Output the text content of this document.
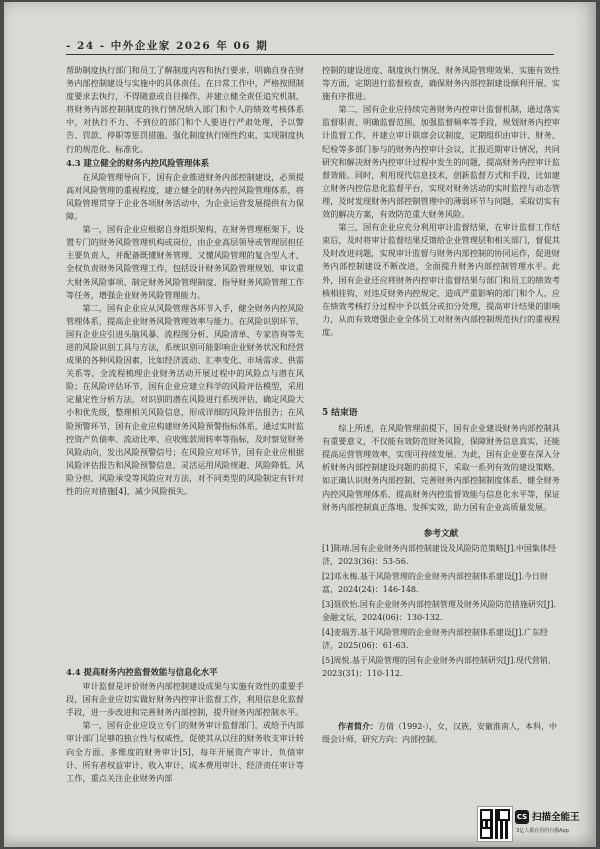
- 24 - 中外企业家 2026 年 06 期

帮助制度执行部门和员工了解制度内容和执行要求，明确自身在财务内部控制建设与实施中的具体责任。在日常工作中，严格按照制度要求去执行，不得随意或自目操作，并建立健全责任追究机制，将财务内部控制制度的执行情况纳入部门和个人的绩效考核体系中，对执行不力、不到位的部门和个人要进行严肃处理，予以警告、罚款、停职等惩罚措施，强化制度执行刚性约束，实现制度执行的规范化、标准化。

4.3 建立健全的财务内控风险管理体系

在风险管理导向下，国有企业推进财务内部控制建设，必须提高对风险管理的重视程度，建立健全的财务内控风险管理体系，将风险管理贯穿于企业各项财务活动中，为企业运营发展提供有力保障。

第一，国有企业应根据自身组织架构，在财务管理框架下，设置专门的财务风险管理机构或岗位，由企业高层领导或管理层担任主要负责人，并配备既懂财务管理、又懂风险管理的复合型人才，全权负责财务风险管理工作，包括设计财务风险管理规划、审议重大财务风险事项、制定财务风险管理制度、指导财务风险管理工作等任务，增强企业财务风险管理能力。

第二，国有企业应从风险管理各环节入手，健全财务内控风险管理体系，提高企业财务风险管理效率与能力。在风险识别环节，国有企业应引进头脑风暴、流程图分析、风险清单、专家咨询等先进的风险识别工具与方法，系统识别可能影响企业财务状况和经营成果的各种风险因素，比如经济波动、汇率变化、市场需求、供需关系等，全流程梳理企业财务活动开展过程中的风险点与潜在风险；在风险评估环节，国有企业应建立科学的风险评估模型，采用定量定性分析方法，对识别的潜在风险进行系统评估，确定风险大小和优先级，整理相关风险信息，形成详细的风险评估报告；在风险预警环节，国有企业应构建财务风险预警指标体系，通过实时监控资产负债率、流动比率、应收账款周转率等指标，及时察觉财务风险动向，发出风险预警信号；在风险应对环节，国有企业应根据风险评估报告和风险预警信息，灵活运用风险规避、风险降低、风险分担、风险承受等风险应对方法，对不同类型的风险制定有针对性的应对措施[4]，减少风险损失。

4.4 提高财务内控监督效能与信息化水平

审计监督是评价财务内部控制建设成果与实施有效性的重要手段，国有企业应切实做好财务内控审计监督工作，利用信息化监督手段，进一步改进和完善财务内部控制，提升财务内部控制水平。

第一，国有企业应设立专门的财务审计监督部门，或给予内部审计部门足够的独立性与权威性，促使其从以往的财务收支审计转向全方面、多维度的财务审计[5]，每年开展资产审计、负债审计、所有者权益审计、收入审计、成本费用审计、经济责任审计等工作，重点关注企业财务内部

控制的建设进度、制度执行情况、财务风险管理效果、实施有效性等方面，定期进行监督检查，确保财务内部控制建设顺利开展、实施有序推进。

第二，国有企业应持续完善财务内控审计监督机制，通过落实监督职责、明确监督范围、加强监督频率等手段，规划财务内控审计监督工作，并建立审计联席会议制度，定期组织由审计、财务、纪检等多部门参与的财务内控审计会议，汇报近期审计情况，共同研究和解决财务内控审计过程中发生的问题，提高财务内控审计监督效能。同时，利用现代信息技术，创新监督方式和手段，比如建立财务内控信息化监督平台，实现对财务活动的实时监控与动态管理，及时发现财务内部控制管理中的薄弱环节与问题，采取切实有效的解决方案，有效防范重大财务风险。

第三，国有企业应充分利用审计监督结果，在审计监督工作结束后，及时将审计监督结果反馈给企业管理层和相关部门，督促其及时改进问题，实现审计监督与财务内部控制的协同运作，促进财务内部控制建设不断改进，全面提升财务内部控制管理水平。此外，国有企业还应将财务内控审计监督结果与部门和员工的绩效考核相挂钩，对违反财务内控规定、造成严重影响的部门和个人，应在绩效考核打分过程中予以低分或扣分处理，提高审计结果的影响力，从而有效增强企业全体员工对财务内部控制规范执行的重视程度。

5 结束语

综上所述，在风险管理前提下，国有企业建设财务内部控制具有重要意义，不仅能有效防范财务风险，保障财务信息真实，还能提高运营管理效率，实现可持续发展。为此，国有企业要在深入分析财务内部控制建设问题的前提下，采取一系列有效的建设策略，如正确认识财务内部控制、完善财务内部控制制度体系、健全财务内控风险管理体系、提高财务内控监督效能与信息化水平等，保证财务内部控制真正落地、发挥实效，助力国有企业高质量发展。

参考文献
[1]陈靖.国有企业财务内部控制建设及风险防范策略[J].中国集体经济，2023(36)：53-56.
[2]邓永梅.基于风险管理的企业财务内部控制体系建设[J].今日财富，2024(24)：146-148.
[3]聂欣怡.国有企业财务内部控制管理及财务风险防范措施研究[J].金融文坛，2024(06)：130-132.
[4]麦瑞芳.基于风险管理的企业财务内部控制体系建设[J].广东经济，2025(06)：61-63.
[5]周悦.基于风险管理的国有企业财务内部控制研究[J].现代营销，2023(31)：110-112.
作者简介：方倩（1992-），女，汉族，安徽淮南人，本科，中级会计师，研究方向：内部控制。
CS 扫描全能王
3亿人都在用的扫描App
